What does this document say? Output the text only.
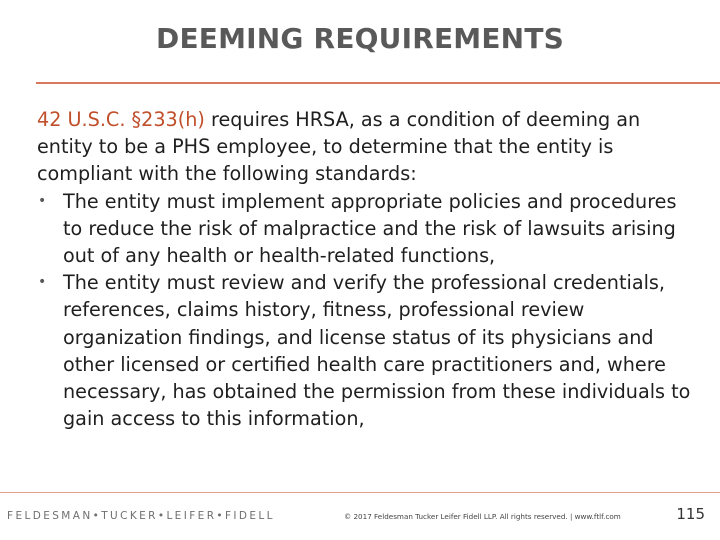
DEEMING REQUIREMENTS

42 U.S.C. §233(h) requires HRSA, as a condition of deeming an entity to be a PHS employee, to determine that the entity is compliant with the following standards:

• The entity must implement appropriate policies and procedures to reduce the risk of malpractice and the risk of lawsuits arising out of any health or health-related functions,
• The entity must review and verify the professional credentials, references, claims history, fitness, professional review organization findings, and license status of its physicians and other licensed or certified health care practitioners and, where necessary, has obtained the permission from these individuals to gain access to this information,
FELDESMAN•TUCKER•LEIFER•FIDELL	© 2017 Feldesman Tucker Leifer Fidell LLP. All rights reserved. | www.ftlf.com	115
